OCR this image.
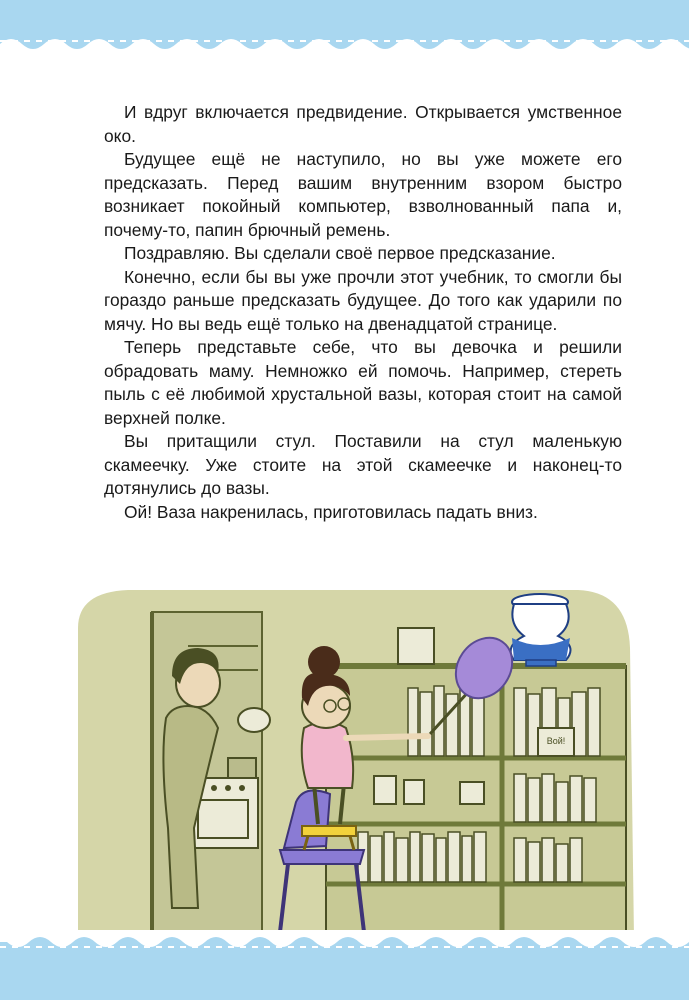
И вдруг включается предвидение. Открывается умственное око.

Будущее ещё не наступило, но вы уже можете его предсказать. Перед вашим внутренним взором быстро возникает покойный компьютер, взволнованный папа и, почему-то, папин брючный ремень.

Поздравляю. Вы сделали своё первое предсказание.

Конечно, если бы вы уже прочли этот учебник, то смогли бы гораздо раньше предсказать будущее. До того как ударили по мячу. Но вы ведь ещё только на двенадцатой странице.

Теперь представьте себе, что вы девочка и решили обрадовать маму. Немножко ей помочь. Например, стереть пыль с её любимой хрустальной вазы, которая стоит на самой верхней полке.

Вы притащили стул. Поставили на стул маленькую скамеечку. Уже стоите на этой скамеечке и наконец-то дотянулись до вазы.

Ой! Ваза накренилась, приготовилась падать вниз.

Вой!
